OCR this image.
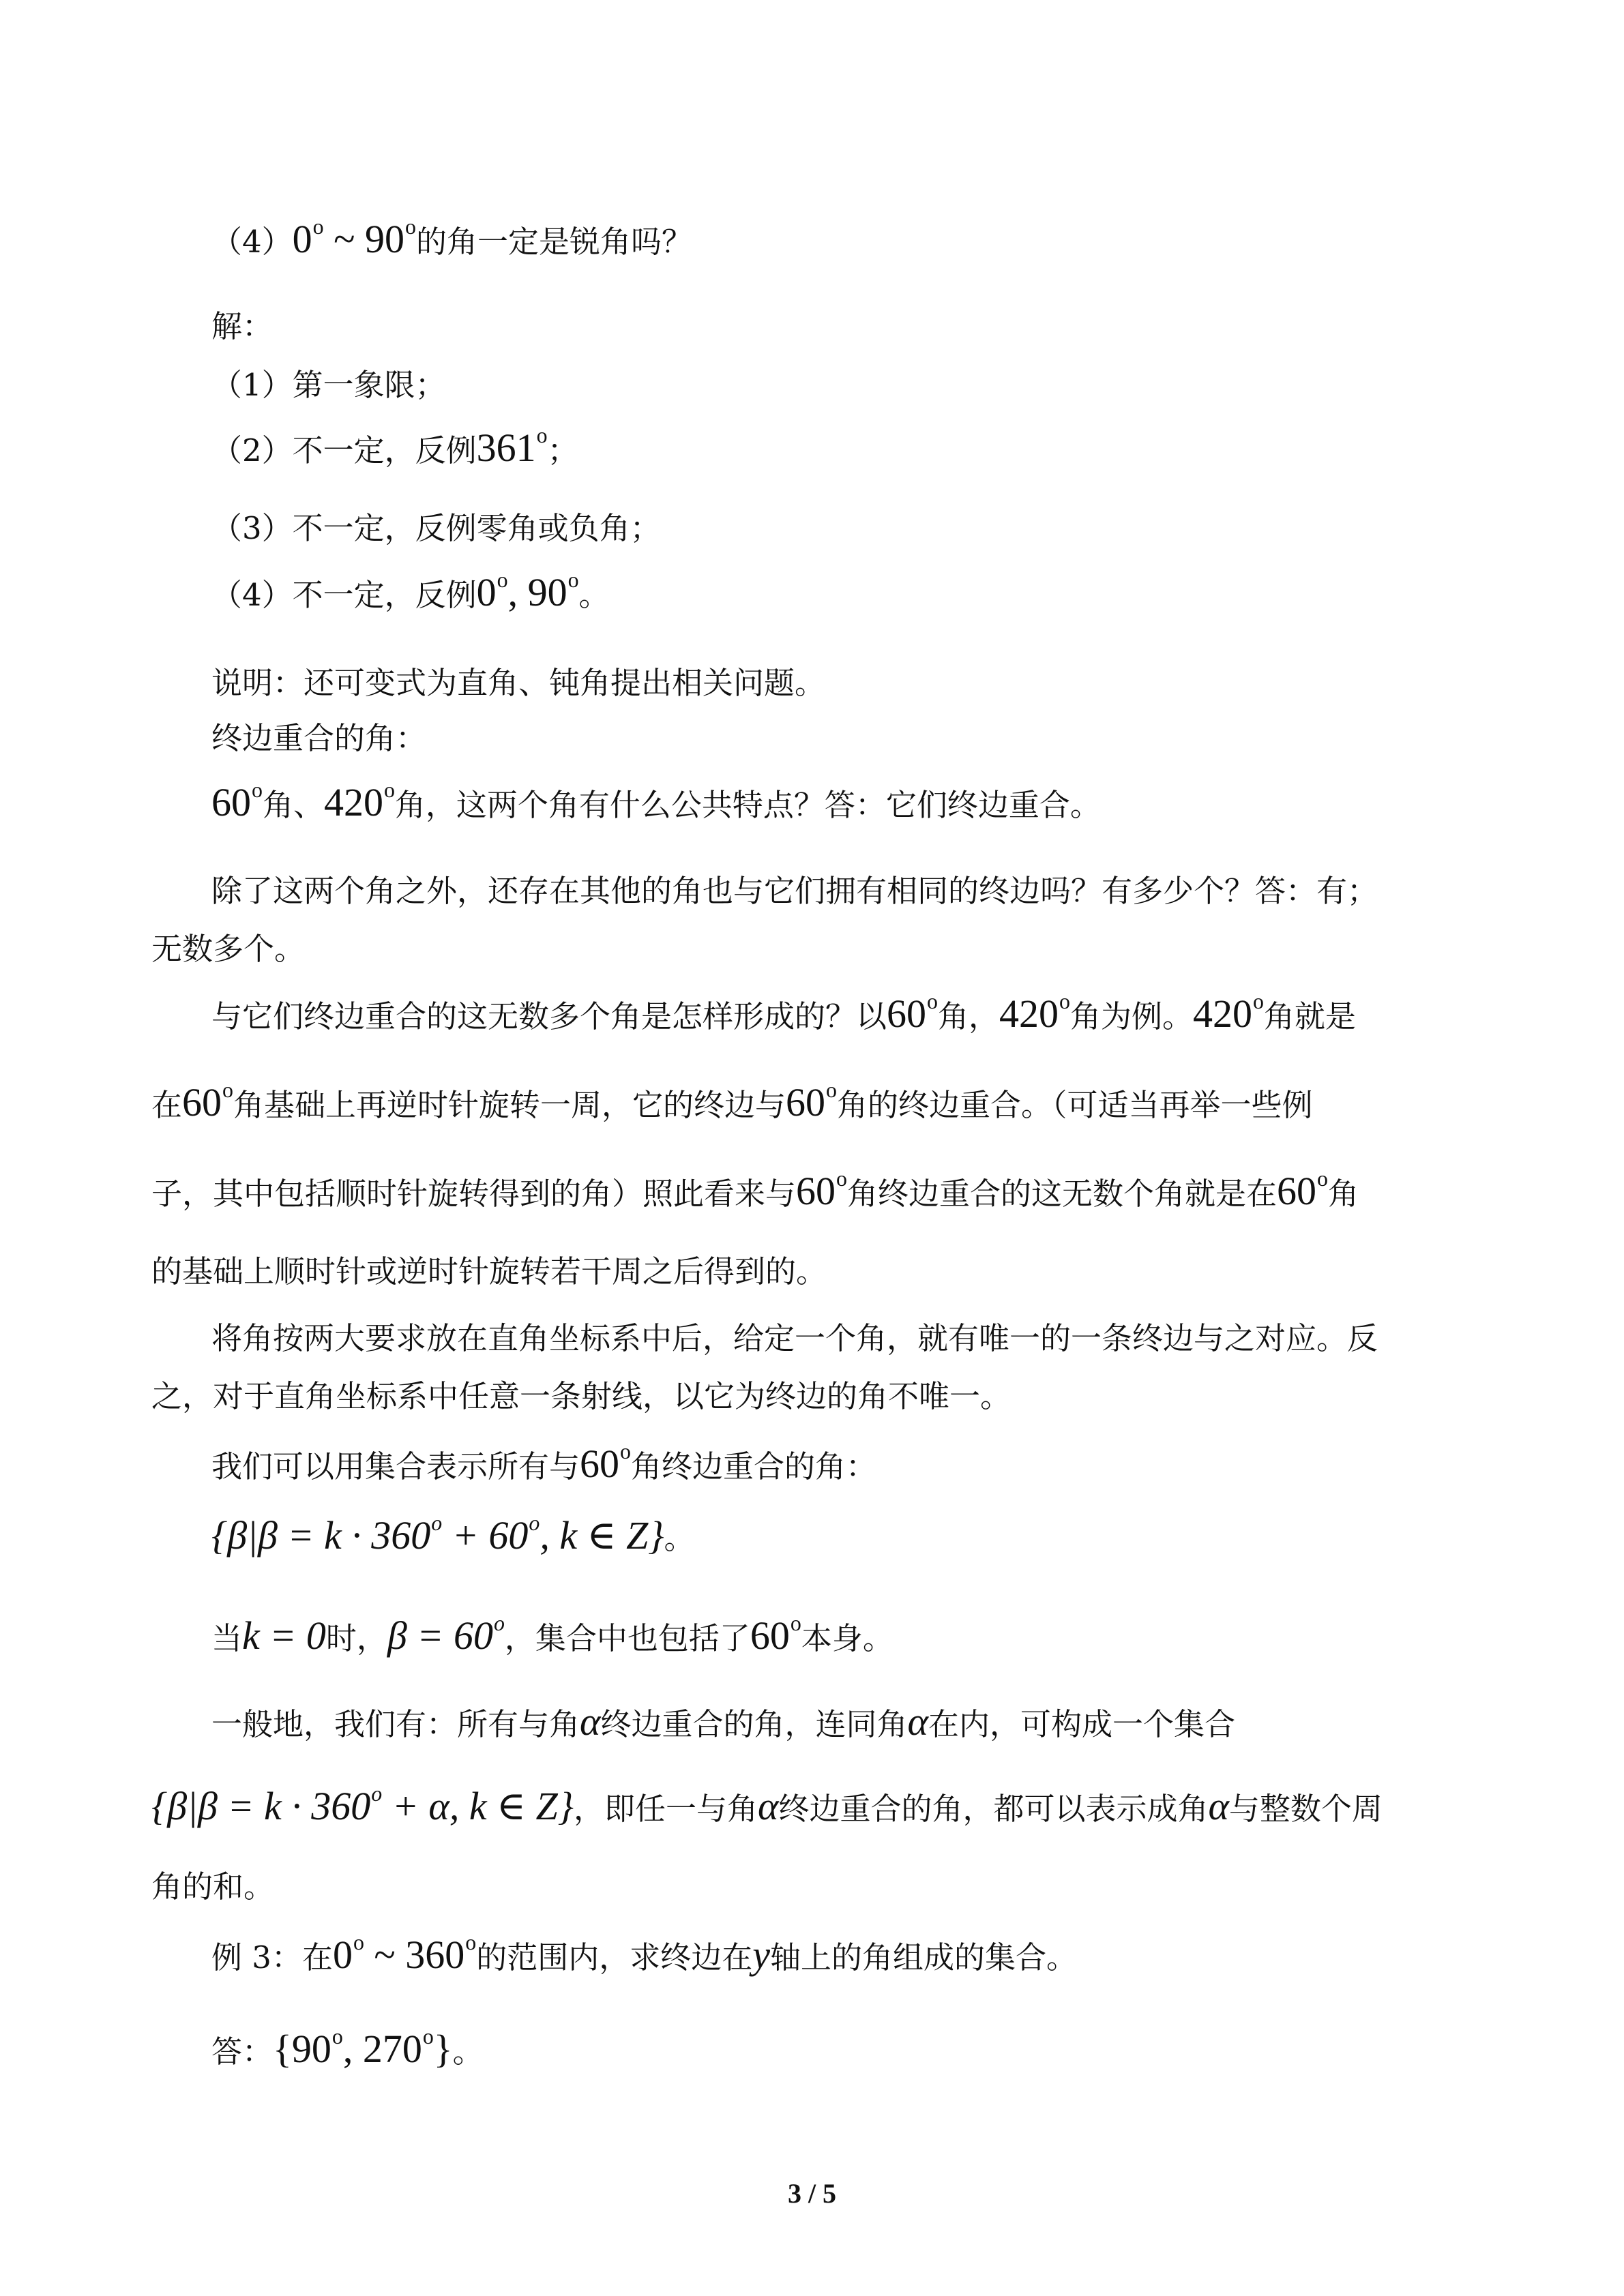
（4）0$^o$ ~ 90$^o$的角一定是锐角吗？
解：
（1）第一象限；
（2）不一定，反例361$^o$；
（3）不一定，反例零角或负角；
（4）不一定，反例0$^o$, 90$^o$。
说明：还可变式为直角、钝角提出相关问题。
终边重合的角：
60$^o$角、420$^o$角，这两个角有什么公共特点？答：它们终边重合。
除了这两个角之外，还存在其他的角也与它们拥有相同的终边吗？有多少个？答：有；
无数多个。
与它们终边重合的这无数多个角是怎样形成的？以60$^o$角，420$^o$角为例。420$^o$角就是
在60$^o$角基础上再逆时针旋转一周，它的终边与60$^o$角的终边重合。（可适当再举一些例
子，其中包括顺时针旋转得到的角）照此看来与60$^o$角终边重合的这无数个角就是在60$^o$角
的基础上顺时针或逆时针旋转若干周之后得到的。
将角按两大要求放在直角坐标系中后，给定一个角，就有唯一的一条终边与之对应。反
之，对于直角坐标系中任意一条射线，以它为终边的角不唯一。
我们可以用集合表示所有与60$^o$角终边重合的角：
{$\beta|\beta = k \cdot 360^o + 60^o$, k ∈ Z}。
当k = 0时，$\beta = 60^o$，集合中也包括了60$^o$本身。
一般地，我们有：所有与角α终边重合的角，连同角α在内，可构成一个集合
{$\beta|\beta = k \cdot 360^o + \alpha$, k ∈ Z}，即任一与角α终边重合的角，都可以表示成角α与整数个周
角的和。
例 3：在0$^o$ ~ 360$^o$的范围内，求终边在y轴上的角组成的集合。
答：{90$^o$, 270$^o$}。
3 / 5
